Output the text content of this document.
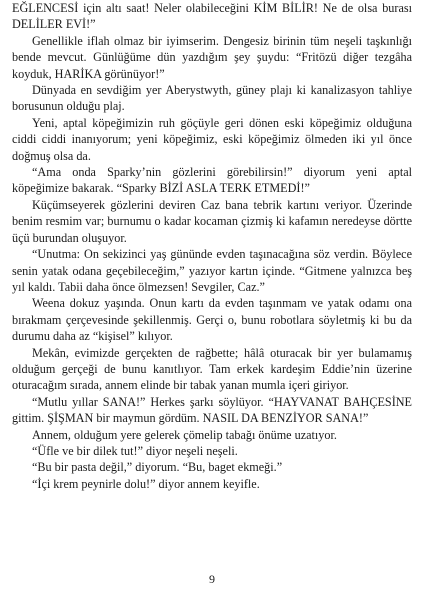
EĞLENCESİ için altı saat! Neler olabileceğini KİM BİLİR! Ne de olsa burası DELİLER EVİ!”

Genellikle iflah olmaz bir iyimserim. Dengesiz birinin tüm neşeli taşkınlığı bende mevcut. Günlüğüme dün yazdığım şey şuydu: “Fritözü diğer tezgâha koyduk, HARİKA görünüyor!”

Dünyada en sevdiğim yer Aberystwyth, güney plajı ki kanalizasyon tahliye borusunun olduğu plaj.

Yeni, aptal köpeğimizin ruh göçüyle geri dönen eski köpeğimiz olduğuna ciddi ciddi inanıyorum; yeni köpeğimiz, eski köpeğimiz ölmeden iki yıl önce doğmuş olsa da.

“Ama onda Sparky’nin gözlerini görebilirsin!” diyorum yeni aptal köpeğimize bakarak. “Sparky BİZİ ASLA TERK ETMEDİ!”

Küçümseyerek gözlerini deviren Caz bana tebrik kartını veriyor. Üzerinde benim resmim var; burnumu o kadar kocaman çizmiş ki kafamın neredeyse dörtte üçü burundan oluşuyor.

“Unutma: On sekizinci yaş gününde evden taşınacağına söz verdin. Böylece senin yatak odana geçebileceğim,” yazıyor kartın içinde. “Gitmene yalnızca beş yıl kaldı. Tabii daha önce ölmezsen! Sevgiler, Caz.”

Weena dokuz yaşında. Onun kartı da evden taşınmam ve yatak odamı ona bırakmam çerçevesinde şekillenmiş. Gerçi o, bunu robotlara söyletmiş ki bu da durumu daha az “kişisel” kılıyor.

Mekân, evimizde gerçekten de rağbette; hâlâ oturacak bir yer bulamamış olduğum gerçeği de bunu kanıtlıyor. Tam erkek kardeşim Eddie’nin üzerine oturacağım sırada, annem elinde bir tabak yanan mumla içeri giriyor.

“Mutlu yıllar SANA!” Herkes şarkı söylüyor. “HAYVANAT BAHÇESİNE gittim. ŞİŞMAN bir maymun gördüm. NASIL DA BENZİYOR SANA!”

Annem, olduğum yere gelerek çömelip tabağı önüme uzatıyor.

“Üfle ve bir dilek tut!” diyor neşeli neşeli.

“Bu bir pasta değil,” diyorum. “Bu, baget ekmeği.”

“İçi krem peynirle dolu!” diyor annem keyifle.

9
